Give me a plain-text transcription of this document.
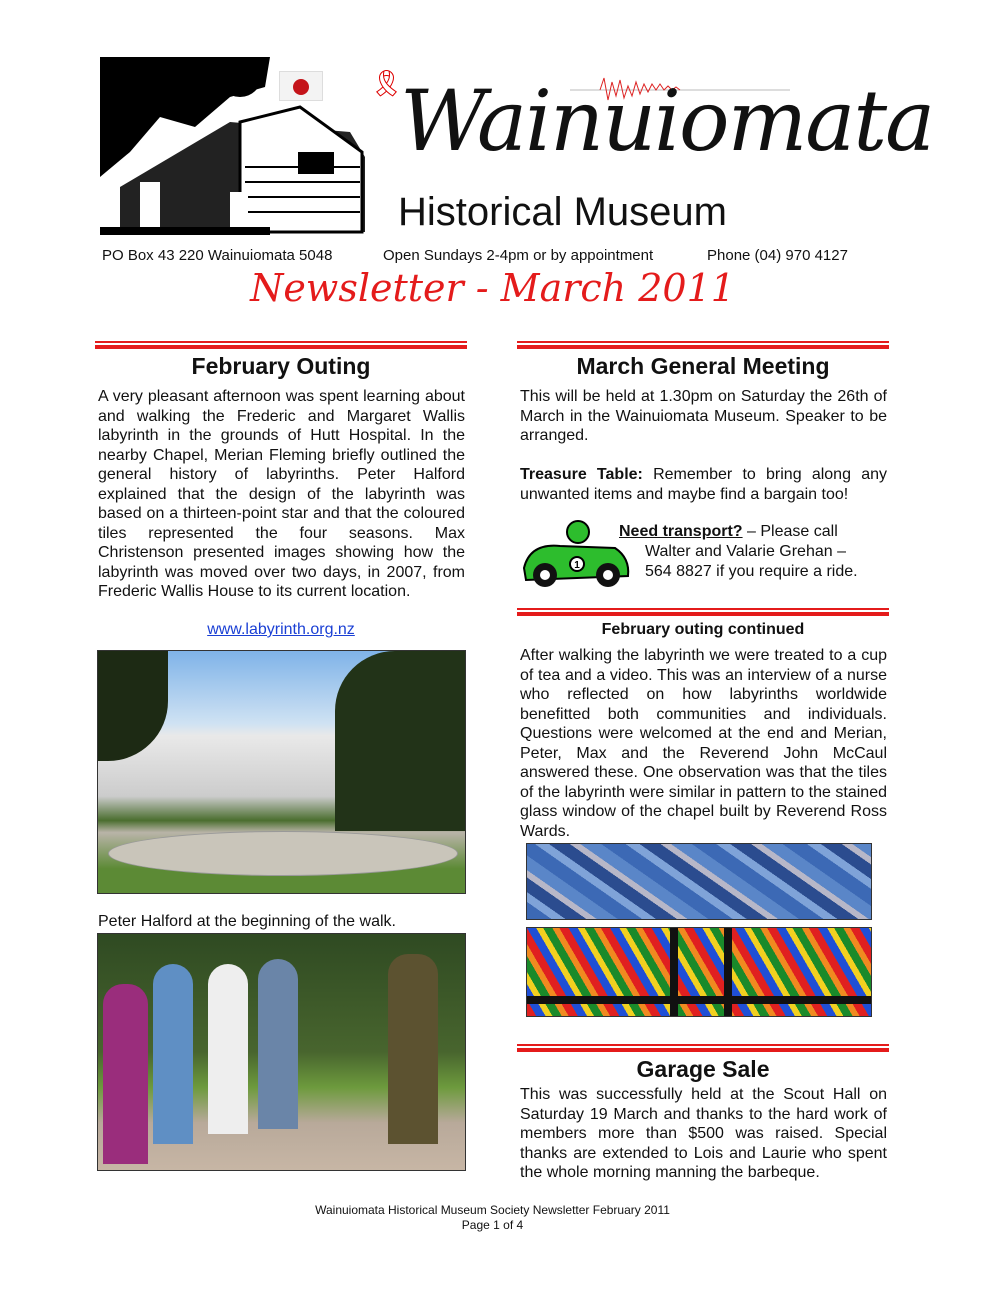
🎗
Wainuiomata
Historical Museum
PO Box 43 220 Wainuiomata 5048	Open Sundays 2-4pm or by appointment	Phone (04) 970 4127
Newsletter - March 2011
February Outing
A very pleasant afternoon was spent learning about and walking the Frederic and Margaret Wallis labyrinth in the grounds of Hutt Hospital. In the nearby Chapel, Merian Fleming briefly outlined the general history of labyrinths. Peter Halford explained that the design of the labyrinth was based on a thirteen-point star and that the coloured tiles represented the four seasons. Max Christenson presented images showing how the labyrinth was moved over two days, in 2007, from Frederic Wallis House to its current location.
www.labyrinth.org.nz
Peter Halford at the beginning of the walk.
March General Meeting

This will be held at 1.30pm on Saturday the 26th of March in the Wainuiomata Museum. Speaker to be arranged.

Treasure Table: Remember to bring along any unwanted items and maybe find a bargain too!

1
Need transport? – Please call
Walter and Valarie Grehan –
564 8827 if you require a ride.
February outing continued
After walking the labyrinth we were treated to a cup of tea and a video. This was an interview of a nurse who reflected on how labyrinths worldwide benefitted both communities and individuals. Questions were welcomed at the end and Merian, Peter, Max and the Reverend John McCaul answered these. One observation was that the tiles of the labyrinth were similar in pattern to the stained glass window of the chapel built by Reverend Ross Wards.
Garage Sale
This was successfully held at the Scout Hall on Saturday 19 March and thanks to the hard work of members more than $500 was raised. Special thanks are extended to Lois and Laurie who spent the whole morning manning the barbeque.
Wainuiomata Historical Museum Society Newsletter February 2011
Page 1 of 4
